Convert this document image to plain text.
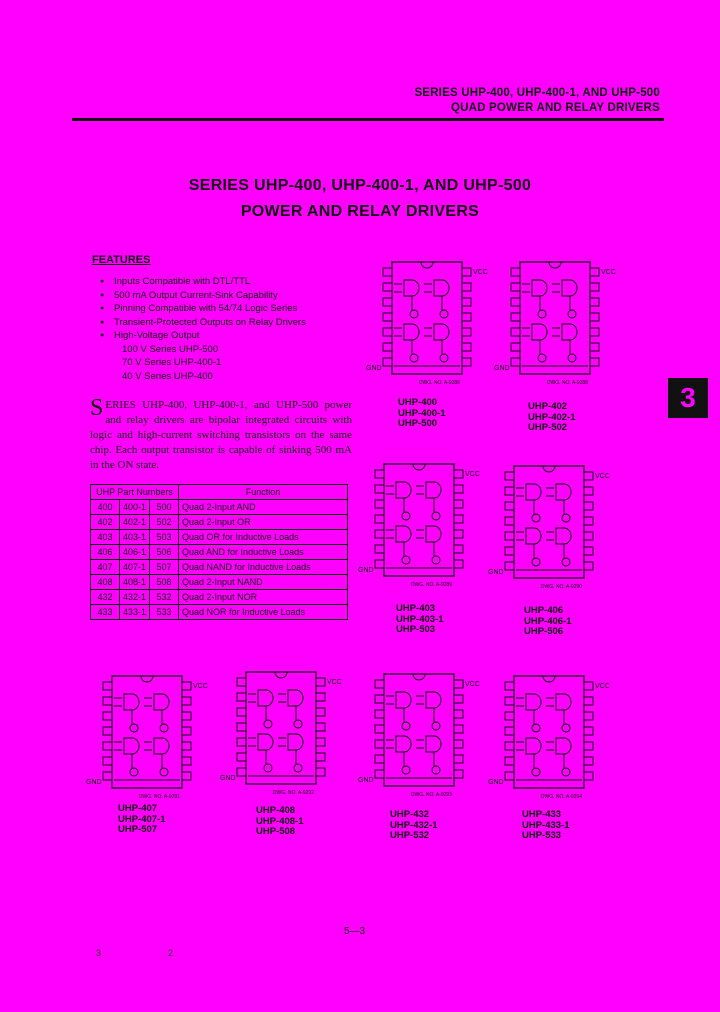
SERIES UHP-400, UHP-400-1, AND UHP-500
QUAD POWER AND RELAY DRIVERS
SERIES UHP-400, UHP-400-1, AND UHP-500
POWER AND RELAY DRIVERS
FEATURES
● Inputs Compatible with DTL/TTL
● 500 mA Output Current-Sink Capability
● Pinning Compatible with 54/74 Logic Series
● Transient-Protected Outputs on Relay Drivers
● High-Voltage Output
100 V Series UHP-500
70 V Series UHP-400-1
40 V Series UHP-400
SERIES UHP-400, UHP-400-1, and UHP-500 power and relay drivers are bipolar integrated circuits with logic and high-current switching transistors on the same chip. Each output transistor is capable of sinking 500 mA in the ON state.
UHP Part Numbers			Function
400	400-1	500	Quad 2-Input AND
402	402-1	502	Quad 2-Input OR
403	403-1	503	Quad OR for Inductive Loads
406	406-1	506	Quad AND for Inductive Loads
407	407-1	507	Quad NAND for Inductive Loads
408	408-1	508	Quad 2-Input NAND
432	432-1	532	Quad 2-Input NOR
433	433-1	533	Quad NOR for Inductive Loads
3
VCC
GND
DWG. NO. A-9286
UHP-400
UHP-400-1
UHP-500
VCC
GND
DWG. NO. A-9288
UHP-402
UHP-402-1
UHP-502
VCC
GND
DWG. NO. A-9289
UHP-403
UHP-403-1
UHP-503
VCC
GND
DWG. NO. A-9290
UHP-406
UHP-406-1
UHP-506
VCC
GND
DWG. NO. A-9291
UHP-407
UHP-407-1
UHP-507
VCC
GND
DWG. NO. A-9292
UHP-408
UHP-408-1
UHP-508
VCC
GND
DWG. NO. A-9293
UHP-432
UHP-432-1
UHP-532
VCC
GND
DWG. NO. A-9294
UHP-433
UHP-433-1
UHP-533
5—3
3	2
